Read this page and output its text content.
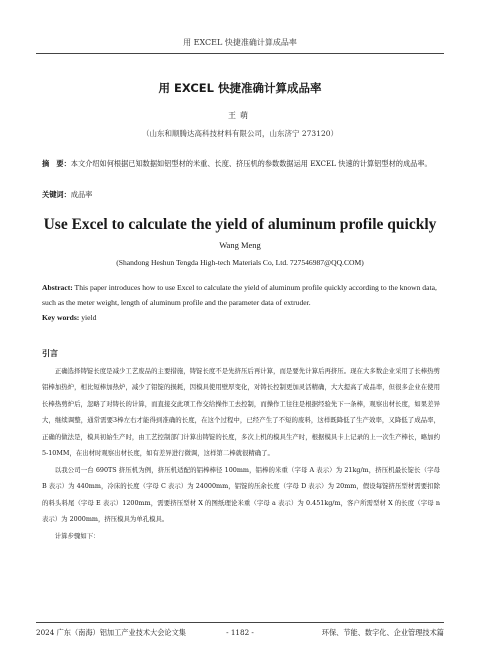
用 EXCEL 快捷准确计算成品率
用 EXCEL 快捷准确计算成品率
王萌
（山东和顺腾达高科技材料有限公司，山东济宁 273120）
摘　要：本文介绍如何根据已知数据如铝型材的米重、长度、挤压机的参数数据运用 EXCEL 快速的计算铝型材的成品率。
关键词：成品率
Use Excel to calculate the yield of aluminum profile quickly
Wang Meng
(Shandong Heshun Tengda High-tech Materials Co, Ltd. 727546987@QQ.COM)
Abstract: This paper introduces how to use Excel to calculate the yield of aluminum profile quickly according to the known data, such as the meter weight, length of aluminum profile and the parameter data of extruder.
Key words: yield
引言

正确选择铸锭长度是减少工艺废品的主要措施，铸锭长度不是先挤压后再计算，而是要先计算后再挤压。现在大多数企业采用了长棒热剪铝棒加热炉，相比短棒加热炉，减少了铝锭的损耗，因模具使用壁厚变化，对铸长控制更加灵活精确，大大提高了成品率，但很多企业在使用长棒热剪炉后，忽略了对铸长的计算，而直接交此项工作交给操作工去控制，而操作工往往是根据经验先下一条棒，观察出材长度，如果差异大，继续调整，通常需要3棒左右才能得到准确的长度，在这个过程中，已经产生了不短的废料，这样既降低了生产效率，又降低了成品率，正确的做法是，模具初始生产时，由工艺控制部门计算出铸锭的长度，多次上机的模具生产时，根据模具卡上记录的上一次生产棒长，略加约 5-10MM，在出材时观察出材长度，如有差异进行微调，这样第二棒就很精确了。

以我公司一台 690TS 挤压机为例，挤压机适配的铝棒棒径 100mm，铝棒的米重（字母 A 表示）为 21kg/m，挤压机最长锭长（字母 B 表示）为 440mm，冷床的长度（字母 C 表示）为 24000mm，铝锭的压余长度（字母 D 表示）为 20mm，假设每锭挤压型材需要扣除的料头料尾（字母 E 表示）1200mm，需要挤压型材 X 的图纸理论米重（字母 a 表示）为 0.451kg/m，客户所需型材 X 的长度（字母 n 表示）为 2000mm，挤压模具为单孔模具。

计算步骤如下：

2024 广东（南海）铝加工产业技术大会论文集	- 1182 -	环保、节能、数字化、企业管理技术篇
